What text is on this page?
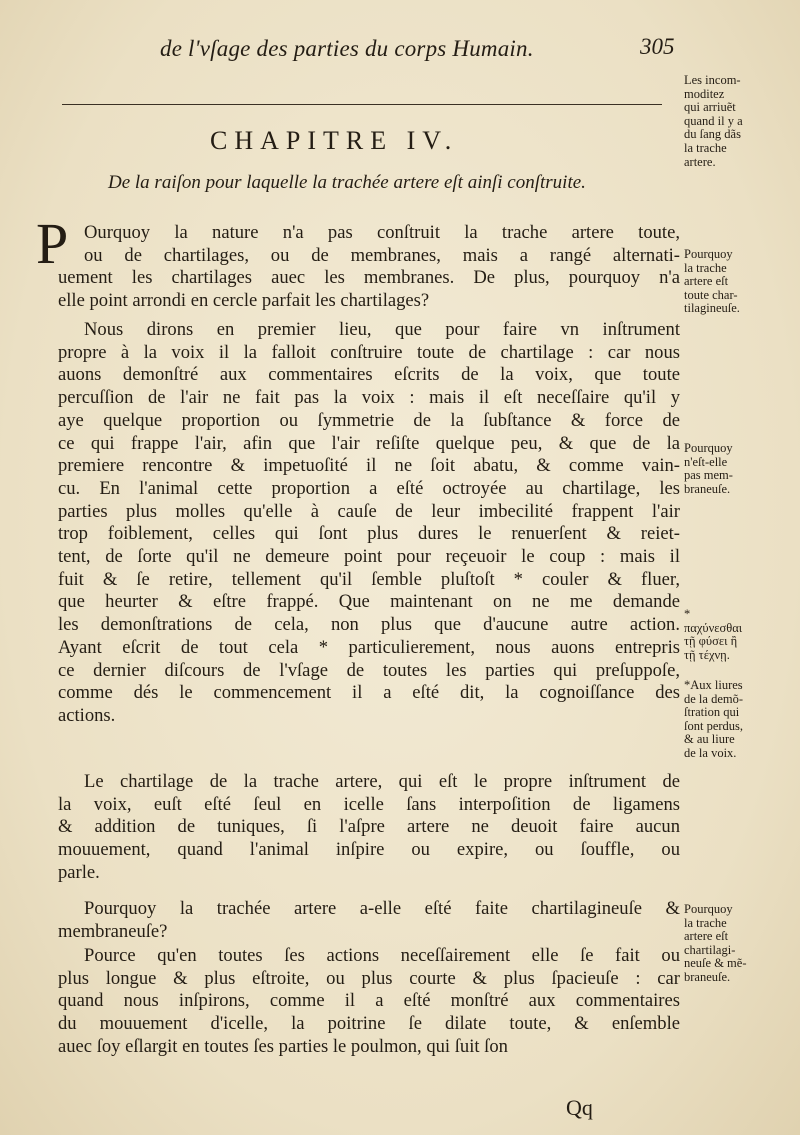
de l'vſage des parties du corps Humain.	305
CHAPITRE IV.
De la raiſon pour laquelle la trachée artere eſt ainſi conſtruite.
P Ourquoy la nature n'a pas conſtruit la trache artere toute,
ou de chartilages, ou de membranes, mais a rangé alternati-
uement les chartilages auec les membranes. De plus, pourquoy n'a
elle point arrondi en cercle parfait les chartilages?
Nous dirons en premier lieu, que pour faire vn inſtrument
propre à la voix il la falloit conſtruire toute de chartilage : car nous
auons demonſtré aux commentaires eſcrits de la voix, que toute
percuſſion de l'air ne fait pas la voix : mais il eſt neceſſaire qu'il y
aye quelque proportion ou ſymmetrie de la ſubſtance & force de
ce qui frappe l'air, afin que l'air reſiſte quelque peu, & que de la
premiere rencontre & impetuoſité il ne ſoit abatu, & comme vain-
cu. En l'animal cette proportion a eſté octroyée au chartilage, les
parties plus molles qu'elle à cauſe de leur imbecilité frappent l'air
trop foiblement, celles qui ſont plus dures le renuerſent & reiet-
tent, de ſorte qu'il ne demeure point pour reçeuoir le coup : mais il
fuit & ſe retire, tellement qu'il ſemble pluſtoſt * couler & fluer,
que heurter & eſtre frappé. Que maintenant on ne me demande
les demonſtrations de cela, non plus que d'aucune autre action.
Ayant eſcrit de tout cela * particulierement, nous auons entrepris
ce dernier diſcours de l'vſage de toutes les parties qui preſuppoſe,
comme dés le commencement il a eſté dit, la cognoiſſance des
actions.
Le chartilage de la trache artere, qui eſt le propre inſtrument de
la voix, euſt eſté ſeul en icelle ſans interpoſition de ligamens
& addition de tuniques, ſi l'aſpre artere ne deuoit faire aucun
mouuement, quand l'animal inſpire ou expire, ou ſouffle, ou
parle.
Pourquoy la trachée artere a-elle eſté faite chartilagineuſe &
membraneuſe?
Pource qu'en toutes ſes actions neceſſairement elle ſe fait ou
plus longue & plus eſtroite, ou plus courte & plus ſpacieuſe : car
quand nous inſpirons, comme il a eſté monſtré aux commentaires
du mouuement d'icelle, la poitrine ſe dilate toute, & enſemble
auec ſoy eſlargit en toutes ſes parties le poulmon, qui ſuit ſon
Les incom-
moditez
qui arriuẽt
quand il y a
du ſang dãs
la trache
artere.
Pourquoy
la trache
artere eſt
toute char-
tilagineuſe.
Pourquoy
n'eſt-elle
pas mem-
braneuſe.
*
παχύνεσθαι
τῇ φύσει ἢ
τῇ τέχνῃ.
*Aux liures
de la demõ-
ſtration qui
ſont perdus,
& au liure
de la voix.
Pourquoy
la trache
artere eſt
chartilagi-
neuſe & mẽ-
braneuſe.
Qq
